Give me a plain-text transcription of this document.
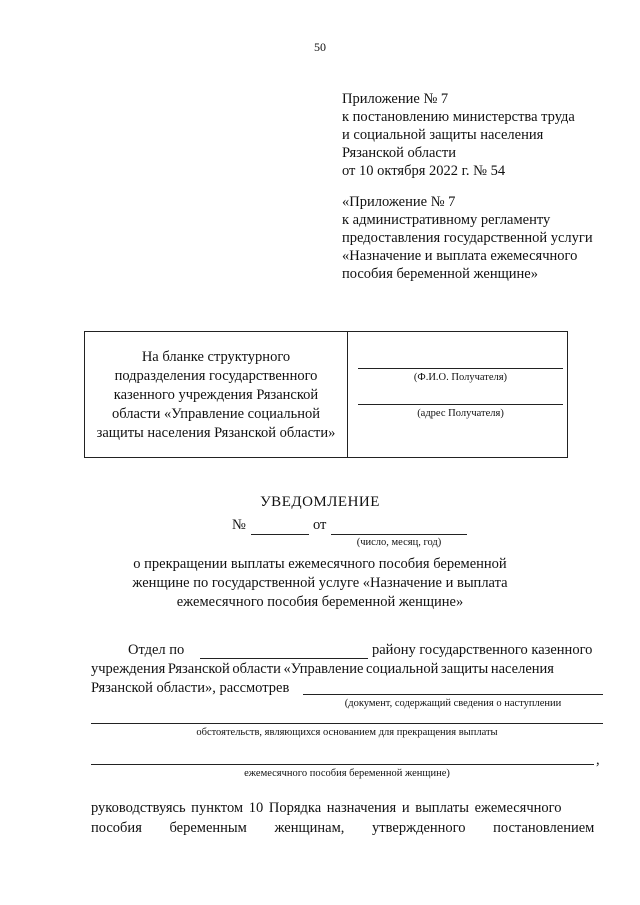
50
Приложение № 7
к постановлению министерства труда
и социальной защиты населения
Рязанской области
от 10 октября 2022 г. № 54
«Приложение № 7
к административному регламенту
предоставления государственной услуги
«Назначение и выплата ежемесячного
пособия беременной женщине»
На бланке структурного
подразделения государственного
казенного учреждения Рязанской
области «Управление социальной
защиты населения Рязанской области»
(Ф.И.О. Получателя)
(адрес Получателя)
УВЕДОМЛЕНИЕ
№	от
(число, месяц, год)
о прекращении выплаты ежемесячного пособия беременной
женщине по государственной услуге «Назначение и выплата
ежемесячного пособия беременной женщине»
Отдел по	району государственного казенного
учреждения Рязанской области «Управление социальной защиты населения
Рязанской области», рассмотрев
(документ, содержащий сведения о наступлении
обстоятельств, являющихся основанием для прекращения выплаты
,
ежемесячного пособия беременной женщине)
руководствуясь пунктом 10 Порядка назначения и выплаты ежемесячного
пособия беременным женщинам, утвержденного постановлением
